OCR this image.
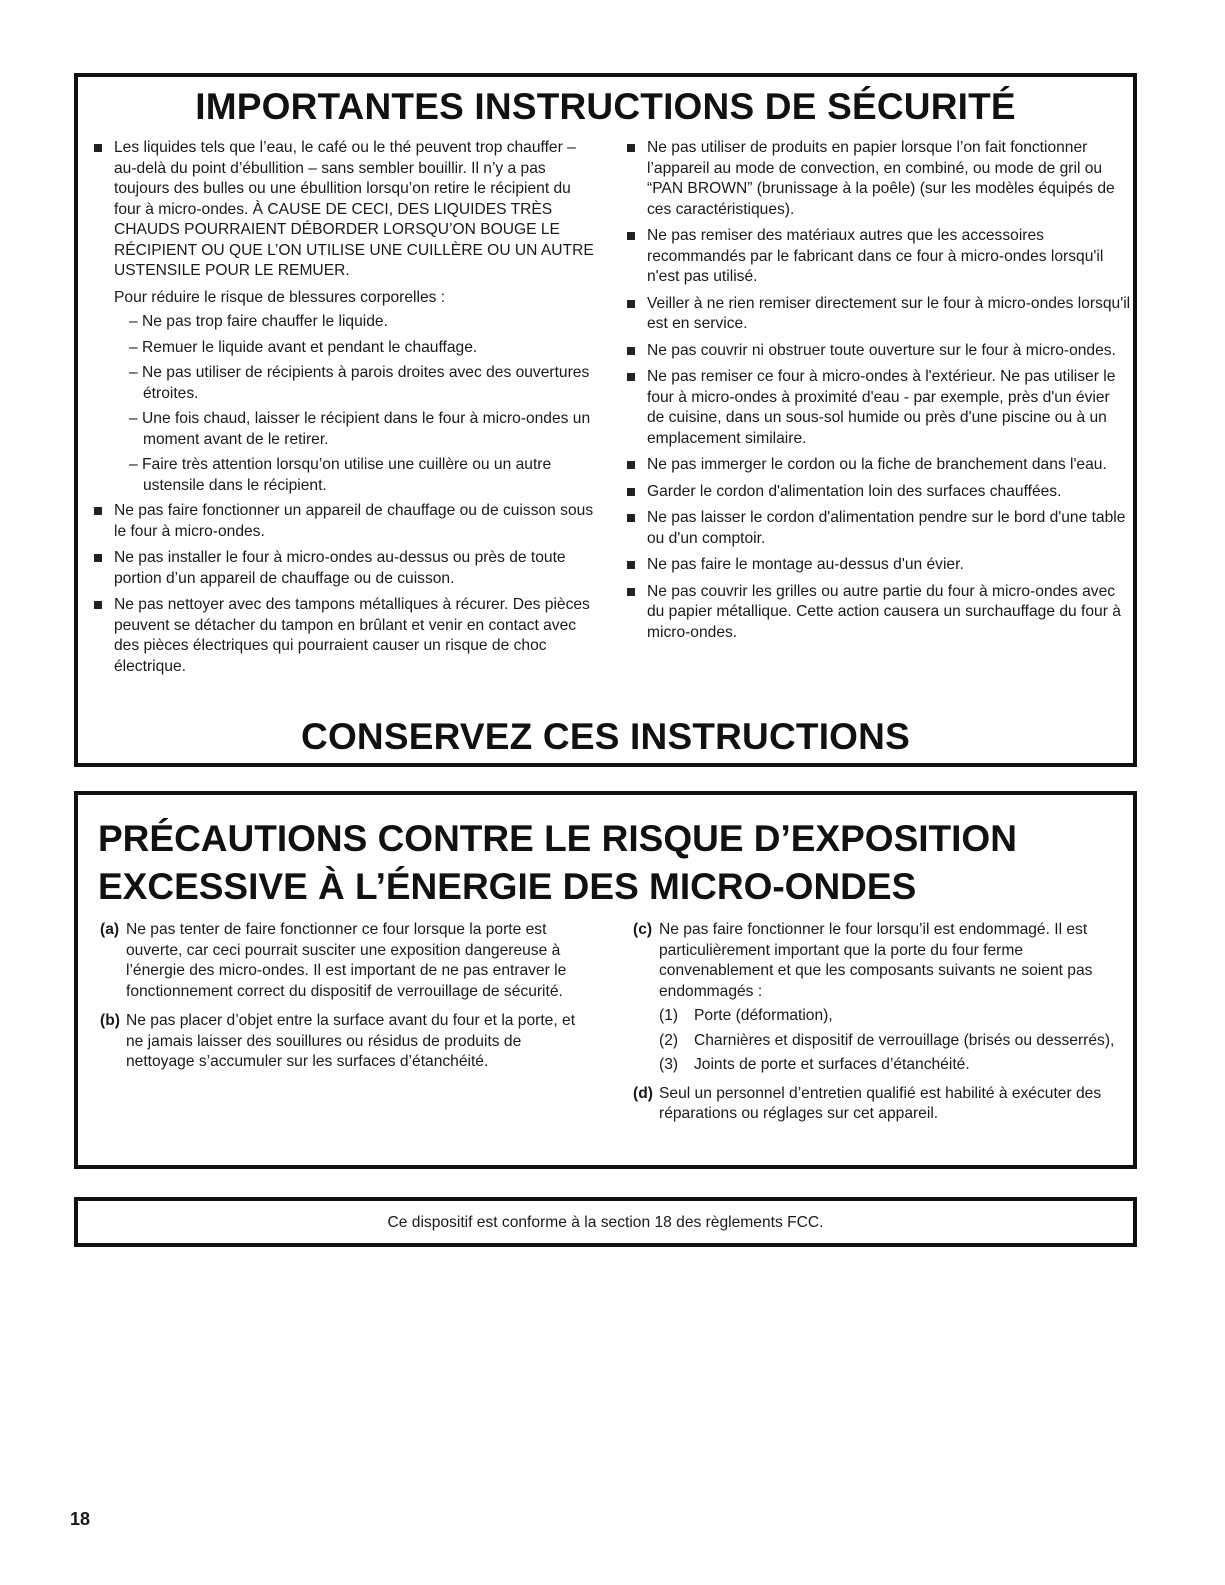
IMPORTANTES INSTRUCTIONS DE SÉCURITÉ
Les liquides tels que l’eau, le café ou le thé peuvent trop chauffer – au-delà du point d’ébullition – sans sembler bouillir. Il n’y a pas toujours des bulles ou une ébullition lorsqu’on retire le récipient du four à micro-ondes. À CAUSE DE CECI, DES LIQUIDES TRÈS CHAUDS POURRAIENT DÉBORDER LORSQU’ON BOUGE LE RÉCIPIENT OU QUE L’ON UTILISE UNE CUILLÈRE OU UN AUTRE USTENSILE POUR LE REMUER.
Pour réduire le risque de blessures corporelles :
– Ne pas trop faire chauffer le liquide.
– Remuer le liquide avant et pendant le chauffage.
– Ne pas utiliser de récipients à parois droites avec des ouvertures étroites.
– Une fois chaud, laisser le récipient dans le four à micro-ondes un moment avant de le retirer.
– Faire très attention lorsqu’on utilise une cuillère ou un autre ustensile dans le récipient.
Ne pas faire fonctionner un appareil de chauffage ou de cuisson sous le four à micro-ondes.
Ne pas installer le four à micro-ondes au-dessus ou près de toute portion d’un appareil de chauffage ou de cuisson.
Ne pas nettoyer avec des tampons métalliques à récurer. Des pièces peuvent se détacher du tampon en brûlant et venir en contact avec des pièces électriques qui pourraient causer un risque de choc électrique.
Ne pas utiliser de produits en papier lorsque l’on fait fonctionner l’appareil au mode de convection, en combiné, ou mode de gril ou “PAN BROWN” (brunissage à la poêle) (sur les modèles équipés de ces caractéristiques).
Ne pas remiser des matériaux autres que les accessoires recommandés par le fabricant dans ce four à micro-ondes lorsqu'il n'est pas utilisé.
Veiller à ne rien remiser directement sur le four à micro-ondes lorsqu'il est en service.
Ne pas couvrir ni obstruer toute ouverture sur le four à micro-ondes.
Ne pas remiser ce four à micro-ondes à l'extérieur. Ne pas utiliser le four à micro-ondes à proximité d'eau - par exemple, près d'un évier de cuisine, dans un sous-sol humide ou près d'une piscine ou à un emplacement similaire.
Ne pas immerger le cordon ou la fiche de branchement dans l'eau.
Garder le cordon d'alimentation loin des surfaces chauffées.
Ne pas laisser le cordon d'alimentation pendre sur le bord d'une table ou d'un comptoir.
Ne pas faire le montage au-dessus d'un évier.
Ne pas couvrir les grilles ou autre partie du four à micro-ondes avec du papier métallique. Cette action causera un surchauffage du four à micro-ondes.
CONSERVEZ CES INSTRUCTIONS
PRÉCAUTIONS CONTRE LE RISQUE D’EXPOSITION
EXCESSIVE À L’ÉNERGIE DES MICRO-ONDES
(a) Ne pas tenter de faire fonctionner ce four lorsque la porte est ouverte, car ceci pourrait susciter une exposition dangereuse à l’énergie des micro-ondes. Il est important de ne pas entraver le fonctionnement correct du dispositif de verrouillage de sécurité.
(b) Ne pas placer d’objet entre la surface avant du four et la porte, et ne jamais laisser des souillures ou résidus de produits de nettoyage s’accumuler sur les surfaces d’étanchéité.
(c) Ne pas faire fonctionner le four lorsqu’il est endommagé. Il est particulièrement important que la porte du four ferme convenablement et que les composants suivants ne soient pas endommagés :
(1) Porte (déformation),
(2) Charnières et dispositif de verrouillage (brisés ou desserrés),
(3) Joints de porte et surfaces d’étanchéité.
(d) Seul un personnel d’entretien qualifié est habilité à exécuter des réparations ou réglages sur cet appareil.
Ce dispositif est conforme à la section 18 des règlements FCC.
18
